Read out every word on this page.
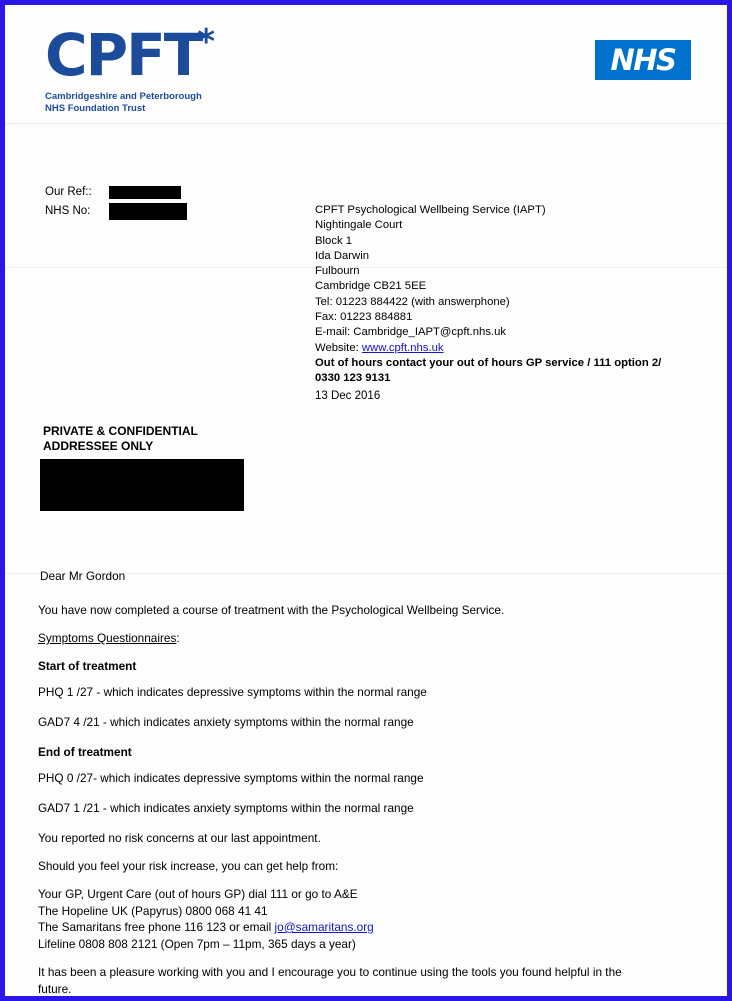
CPFT*
Cambridgeshire and Peterborough
NHS Foundation Trust
NHS
Our Ref::
NHS No:	CPFT Psychological Wellbeing Service (IAPT)
Nightingale Court
Block 1
Ida Darwin
Fulbourn
Cambridge CB21 5EE
Tel: 01223 884422 (with answerphone)
Fax: 01223 884881
E-mail: Cambridge_IAPT@cpft.nhs.uk
Website: www.cpft.nhs.uk
Out of hours contact your out of hours GP service / 111 option 2/
0330 123 9131
13 Dec 2016
PRIVATE & CONFIDENTIAL
ADDRESSEE ONLY

Dear Mr Gordon

You have now completed a course of treatment with the Psychological Wellbeing Service.

Symptoms Questionnaires:

Start of treatment

PHQ 1 /27 - which indicates depressive symptoms within the normal range

GAD7 4 /21 - which indicates anxiety symptoms within the normal range

End of treatment

PHQ 0 /27- which indicates depressive symptoms within the normal range

GAD7 1 /21 - which indicates anxiety symptoms within the normal range

You reported no risk concerns at our last appointment.

Should you feel your risk increase, you can get help from:

Your GP, Urgent Care (out of hours GP) dial 111 or go to A&E
The Hopeline UK (Papyrus) 0800 068 41 41
The Samaritans free phone 116 123 or email jo@samaritans.org
Lifeline 0808 808 2121 (Open 7pm – 11pm, 365 days a year)

It has been a pleasure working with you and I encourage you to continue using the tools you found helpful in the
future.
